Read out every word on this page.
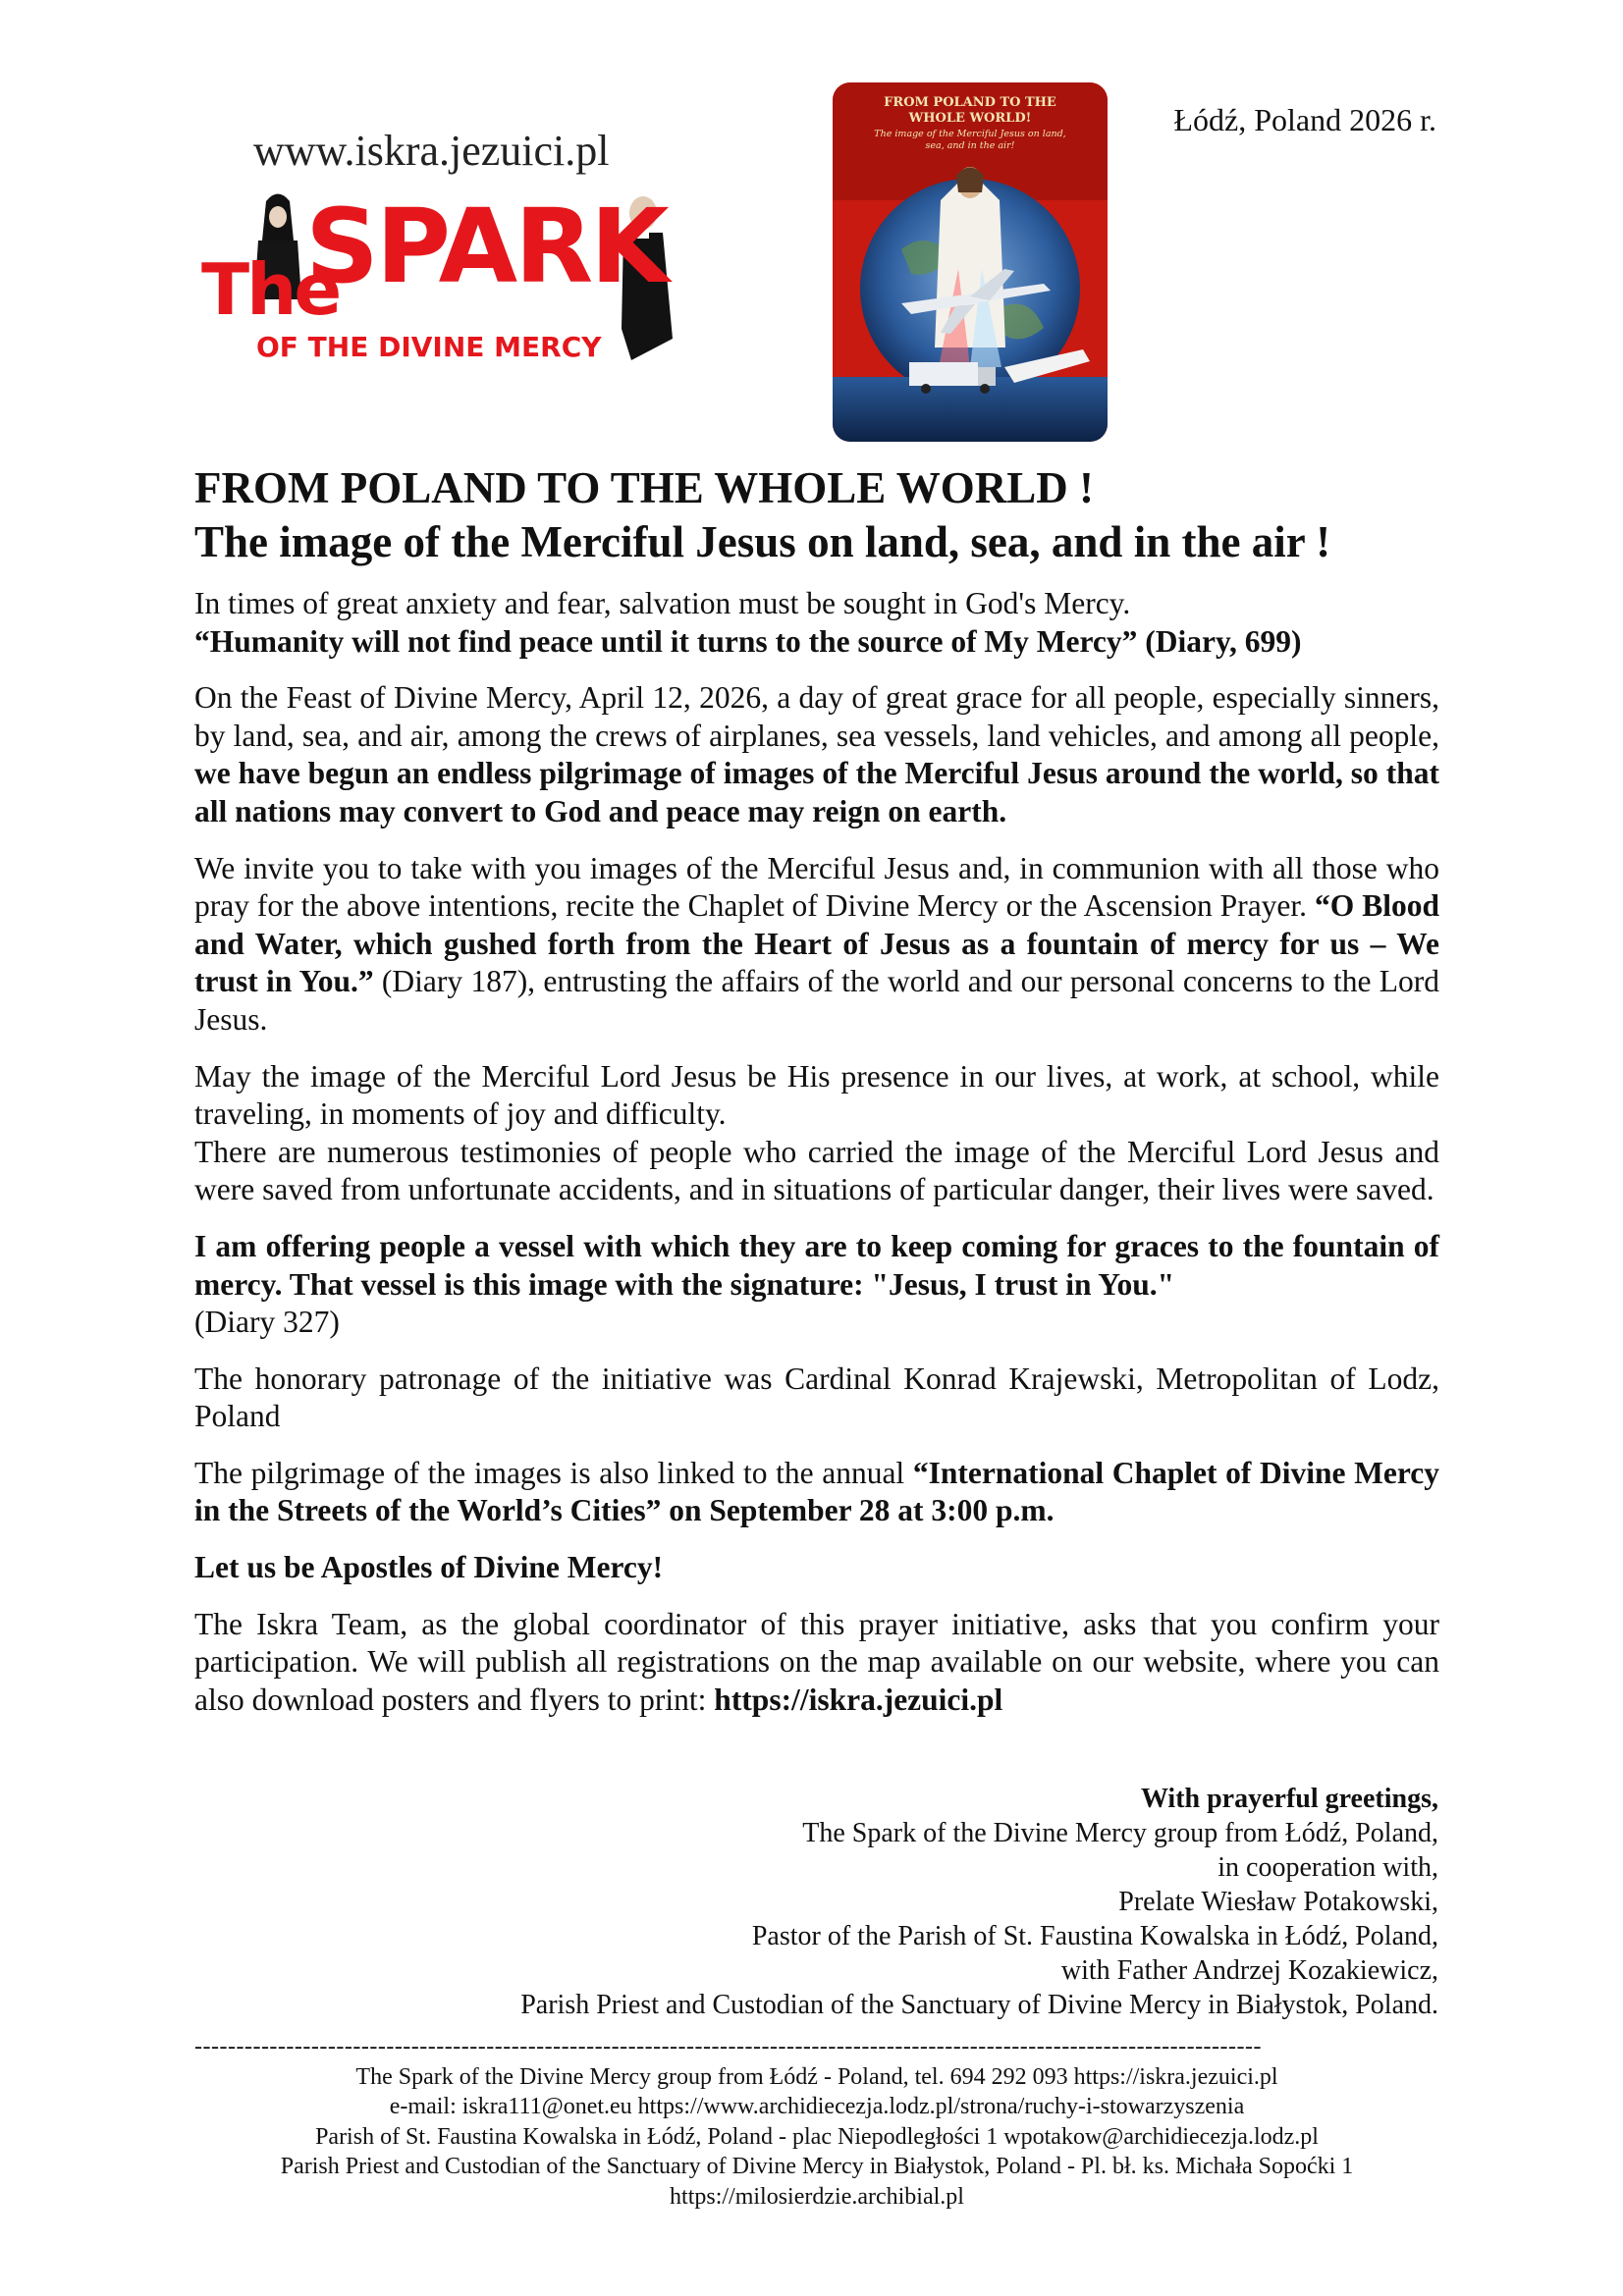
www.iskra.jezuici.pl
SPARK
The
OF THE DIVINE MERCY
FROM POLAND TO THE
WHOLE WORLD!
The image of the Merciful Jesus on land,
sea, and in the air!
Łódź, Poland 2026 r.
FROM POLAND TO THE WHOLE WORLD !
The image of the Merciful Jesus on land, sea, and in the air !

In times of great anxiety and fear, salvation must be sought in God's Mercy.
“Humanity will not find peace until it turns to the source of My Mercy” (Diary, 699)

On the Feast of Divine Mercy, April 12, 2026, a day of great grace for all people, especially sinners, by land, sea, and air, among the crews of airplanes, sea vessels, land vehicles, and among all people, we have begun an endless pilgrimage of images of the Merciful Jesus around the world, so that all nations may convert to God and peace may reign on earth.

We invite you to take with you images of the Merciful Jesus and, in communion with all those who pray for the above intentions, recite the Chaplet of Divine Mercy or the Ascension Prayer. “O Blood and Water, which gushed forth from the Heart of Jesus as a fountain of mercy for us – We trust in You.” (Diary 187), entrusting the affairs of the world and our personal concerns to the Lord Jesus.

May the image of the Merciful Lord Jesus be His presence in our lives, at work, at school, while traveling, in moments of joy and difficulty.
There are numerous testimonies of people who carried the image of the Merciful Lord Jesus and were saved from unfortunate accidents, and in situations of particular danger, their lives were saved.

I am offering people a vessel with which they are to keep coming for graces to the fountain of mercy. That vessel is this image with the signature: "Jesus, I trust in You."
(Diary 327)

The honorary patronage of the initiative was Cardinal Konrad Krajewski, Metropolitan of Lodz, Poland

The pilgrimage of the images is also linked to the annual “International Chaplet of Divine Mercy in the Streets of the World’s Cities” on September 28 at 3:00 p.m.

Let us be Apostles of Divine Mercy!

The Iskra Team, as the global coordinator of this prayer initiative, asks that you confirm your participation. We will publish all registrations on the map available on our website, where you can also download posters and flyers to print: https://iskra.jezuici.pl

With prayerful greetings,
The Spark of the Divine Mercy group from Łódź, Poland,
in cooperation with,
Prelate Wiesław Potakowski,
Pastor of the Parish of St. Faustina Kowalska in Łódź, Poland,
with Father Andrzej Kozakiewicz,
Parish Priest and Custodian of the Sanctuary of Divine Mercy in Białystok, Poland.
--------------------------------------------------------------------------------------------------------------------------------
The Spark of the Divine Mercy group from Łódź - Poland, tel. 694 292 093 https://iskra.jezuici.pl
e-mail: iskra111@onet.eu https://www.archidiecezja.lodz.pl/strona/ruchy-i-stowarzyszenia
Parish of St. Faustina Kowalska in Łódź, Poland - plac Niepodległości 1 wpotakow@archidiecezja.lodz.pl
Parish Priest and Custodian of the Sanctuary of Divine Mercy in Białystok, Poland - Pl. bł. ks. Michała Sopoćki 1
https://milosierdzie.archibial.pl
